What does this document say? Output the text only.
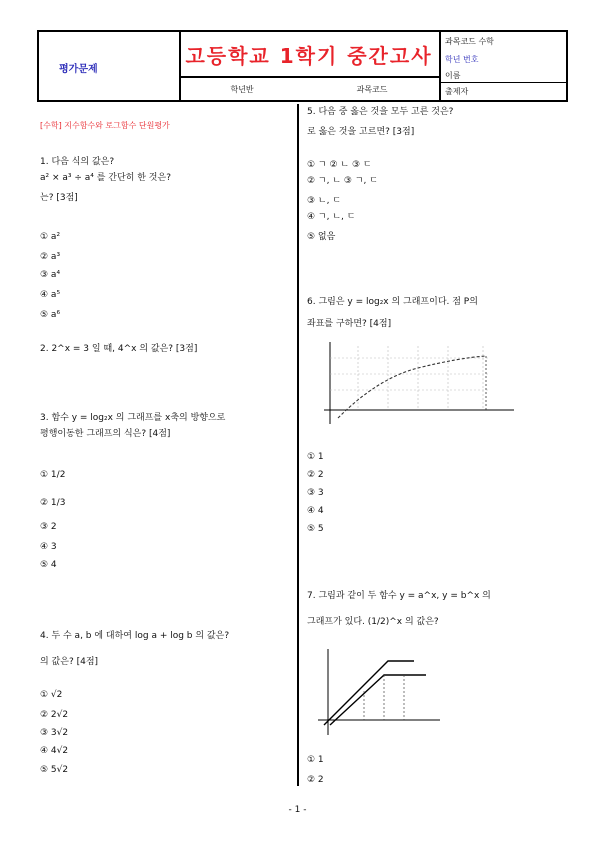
평가문제
고등학교 1학기 중간고사
학년반	과목코드
과목코드 수학
학년 번호
이름
출제자
[수학] 지수함수와 로그함수 단원평가
1. 다음 식의 값은?
a² × a³ ÷ a⁴ 를 간단히 한 것은?
는? [3점]
① a²
② a³
③ a⁴
④ a⁵
⑤ a⁶
2. 2^x = 3 일 때, 4^x 의 값은? [3점]
3. 함수 y = log₂x 의 그래프를 x축의 방향으로
평행이동한 그래프의 식은? [4점]
① 1/2
② 1/3
③ 2
④ 3
⑤ 4
4. 두 수 a, b 에 대하여 log a + log b 의 값은?
의 값은? [4점]
① √2
② 2√2
③ 3√2
④ 4√2
⑤ 5√2
5. 다음 중 옳은 것을 모두 고른 것은?
로 옳은 것을 고르면? [3점]
① ㄱ ② ㄴ ③ ㄷ
② ㄱ, ㄴ ③ ㄱ, ㄷ
③ ㄴ, ㄷ
④ ㄱ, ㄴ, ㄷ
⑤ 없음
6. 그림은 y = log₂x 의 그래프이다. 점 P의
좌표를 구하면? [4점]
① 1
② 2
③ 3
④ 4
⑤ 5
7. 그림과 같이 두 함수 y = a^x, y = b^x 의
그래프가 있다. (1/2)^x 의 값은?
① 1
② 2
- 1 -
